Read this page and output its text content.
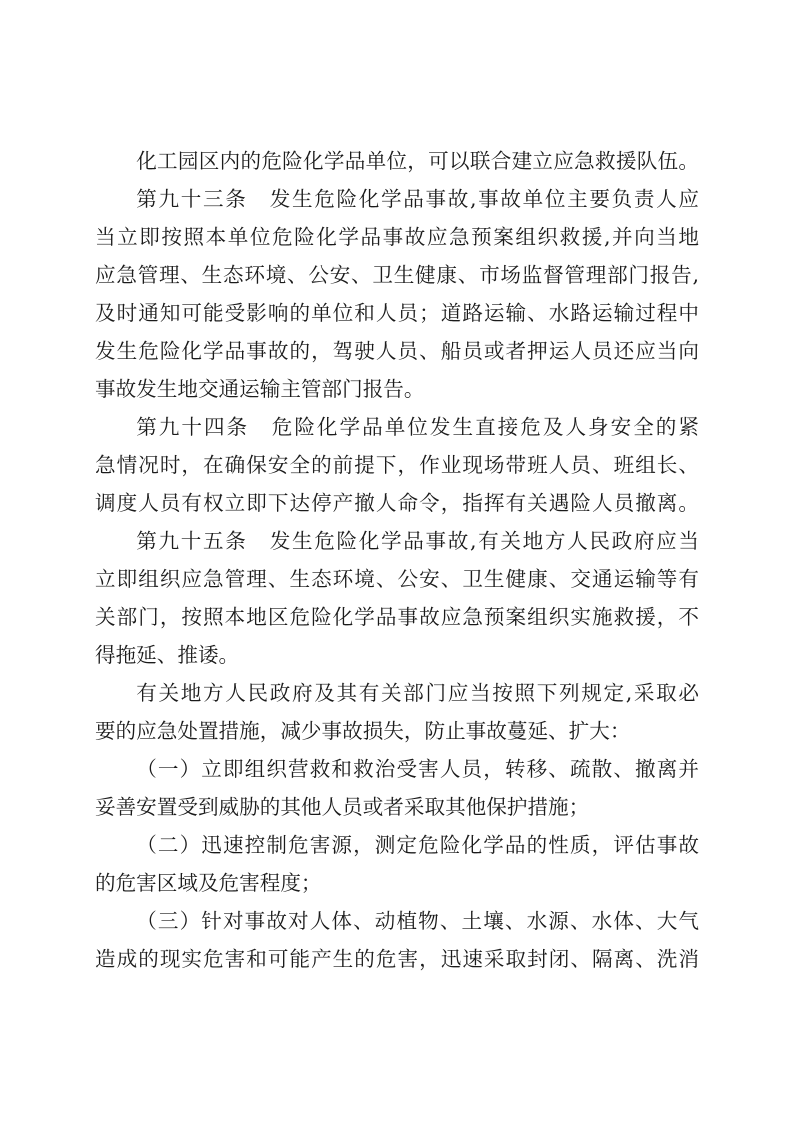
化工园区内的危险化学品单位，可以联合建立应急救援队伍。
第九十三条　发生危险化学品事故,事故单位主要负责人应
当立即按照本单位危险化学品事故应急预案组织救援,并向当地
应急管理、生态环境、公安、卫生健康、市场监督管理部门报告,
及时通知可能受影响的单位和人员；道路运输、水路运输过程中
发生危险化学品事故的，驾驶人员、船员或者押运人员还应当向
事故发生地交通运输主管部门报告。
第九十四条　危险化学品单位发生直接危及人身安全的紧
急情况时，在确保安全的前提下，作业现场带班人员、班组长、
调度人员有权立即下达停产撤人命令，指挥有关遇险人员撤离。
第九十五条　发生危险化学品事故,有关地方人民政府应当
立即组织应急管理、生态环境、公安、卫生健康、交通运输等有
关部门，按照本地区危险化学品事故应急预案组织实施救援，不
得拖延、推诿。
有关地方人民政府及其有关部门应当按照下列规定,采取必
要的应急处置措施，减少事故损失，防止事故蔓延、扩大：
（一）立即组织营救和救治受害人员，转移、疏散、撤离并
妥善安置受到威胁的其他人员或者采取其他保护措施；
（二）迅速控制危害源，测定危险化学品的性质，评估事故
的危害区域及危害程度；
（三）针对事故对人体、动植物、土壤、水源、水体、大气
造成的现实危害和可能产生的危害，迅速采取封闭、隔离、洗消
